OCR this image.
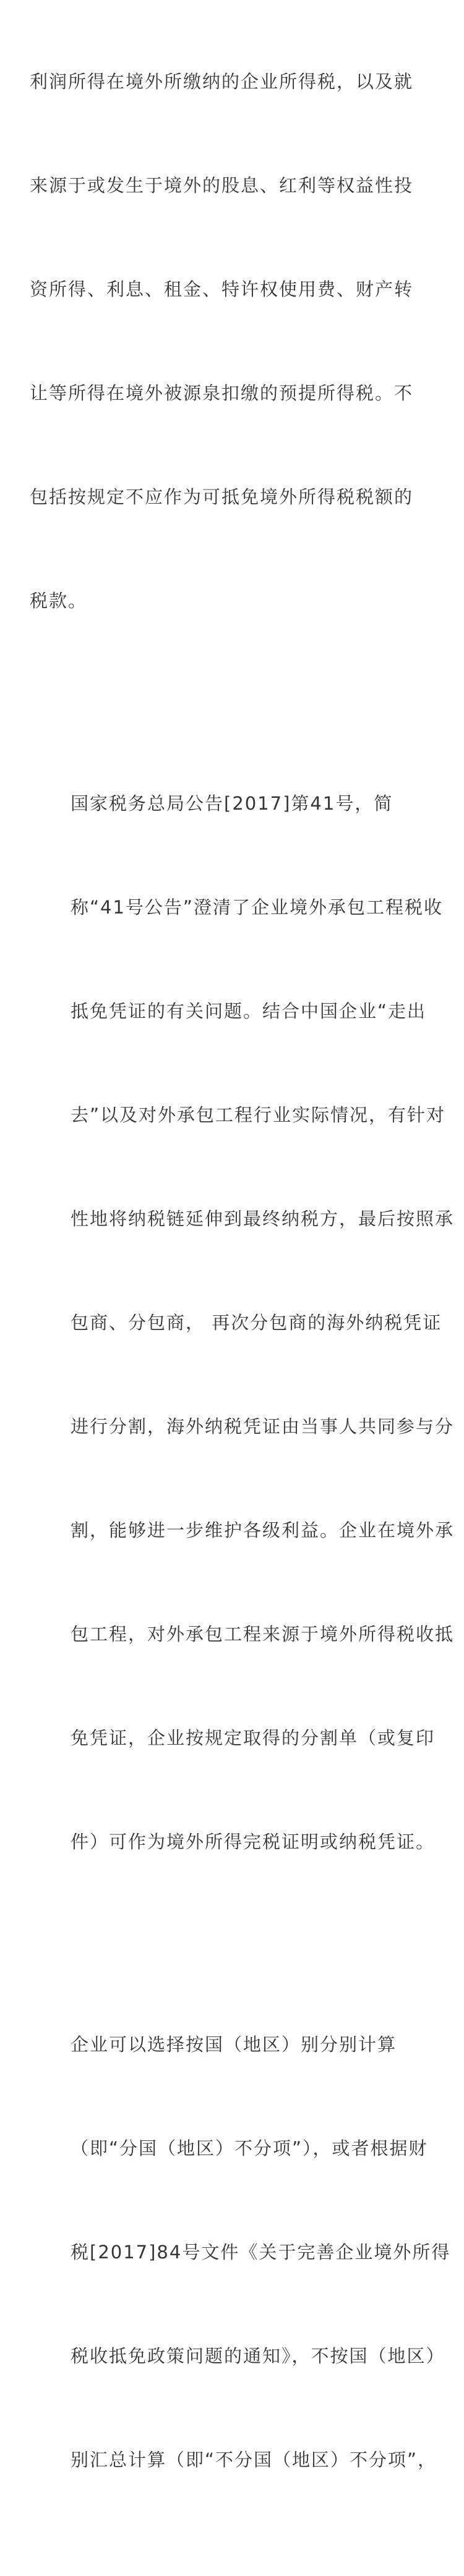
利润所得在境外所缴纳的企业所得税，以及就

来源于或发生于境外的股息、红利等权益性投

资所得、利息、租金、特许权使用费、财产转

让等所得在境外被源泉扣缴的预提所得税。不

包括按规定不应作为可抵免境外所得税税额的

税款。

国家税务总局公告[2017]第41号，简

称“41号公告”澄清了企业境外承包工程税收

抵免凭证的有关问题。结合中国企业“走出

去”以及对外承包工程行业实际情况，有针对

性地将纳税链延伸到最终纳税方，最后按照承

包商、分包商， 再次分包商的海外纳税凭证

进行分割，海外纳税凭证由当事人共同参与分

割，能够进一步维护各级利益。企业在境外承

包工程，对外承包工程来源于境外所得税收抵

免凭证，企业按规定取得的分割单（或复印

件）可作为境外所得完税证明或纳税凭证。

企业可以选择按国（地区）别分别计算

（即“分国（地区）不分项”），或者根据财

税[2017]84号文件《关于完善企业境外所得

税收抵免政策问题的通知》，不按国（地区）

别汇总计算（即“不分国（地区）不分项”，
